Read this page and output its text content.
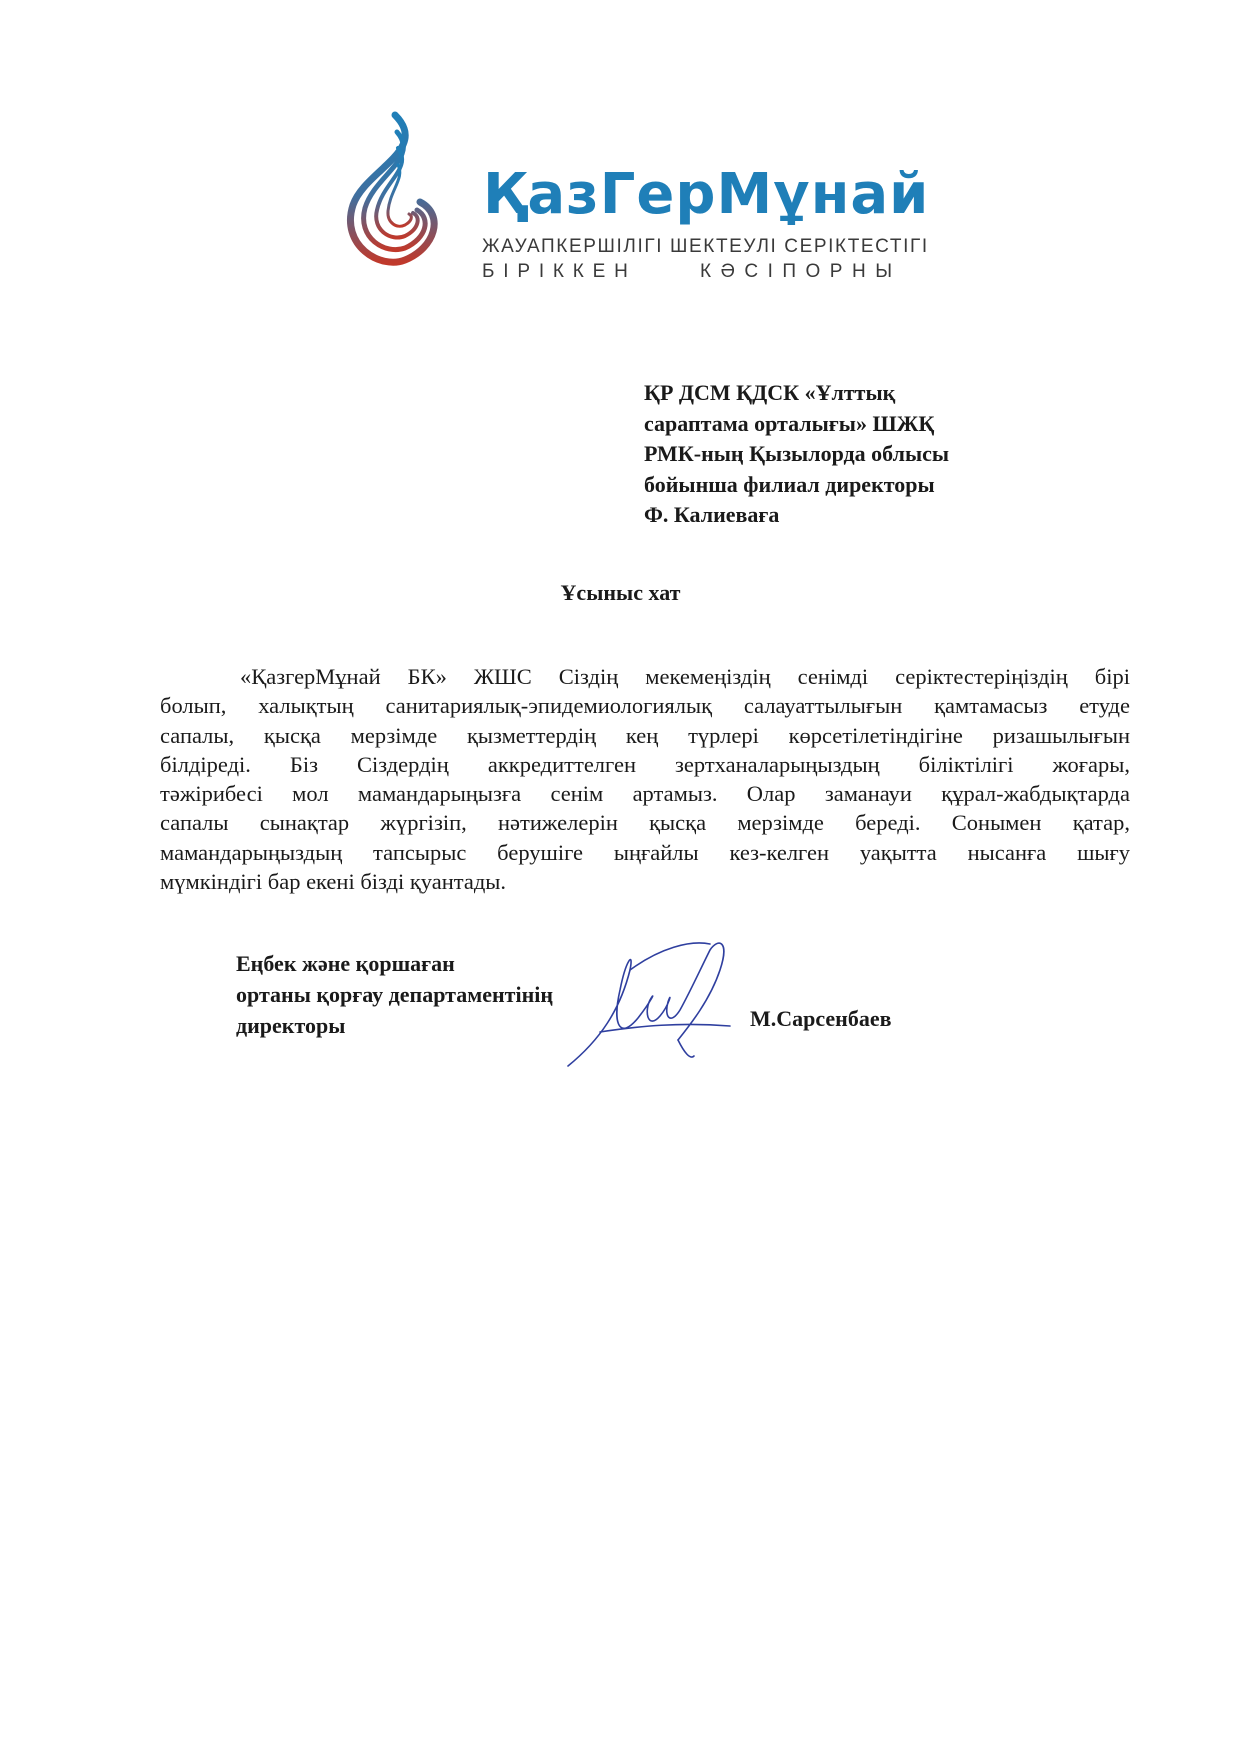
ҚазГерМұнай
ЖАУАПКЕРШІЛІГІ ШЕКТЕУЛІ СЕРІКТЕСТІГІ
БІРІККЕН	КӘСІПОРНЫ
ҚР ДСМ ҚДСК «Ұлттық
сараптама орталығы» ШЖҚ
РМК-ның Қызылорда облысы
бойынша филиал директоры
Ф. Калиеваға
Ұсыныс хат
«ҚазгерМұнай БК» ЖШС Сіздің мекемеңіздің сенімді серіктестеріңіздің бірі
болып, халықтың санитариялық-эпидемиологиялық салауаттылығын қамтамасыз етуде
сапалы, қысқа мерзімде қызметтердің кең түрлері көрсетілетіндігіне ризашылығын
білдіреді. Біз Сіздердің аккредиттелген зертханаларыңыздың біліктілігі жоғары,
тәжірибесі мол мамандарыңызға сенім артамыз. Олар заманауи құрал-жабдықтарда
сапалы сынақтар жүргізіп, нәтижелерін қысқа мерзімде береді. Сонымен қатар,
мамандарыңыздың тапсырыс берушіге ыңғайлы кез-келген уақытта нысанға шығу
мүмкіндігі бар екені бізді қуантады.
Еңбек және қоршаған
ортаны қорғау департаментінің
директоры	М.Сарсенбаев
